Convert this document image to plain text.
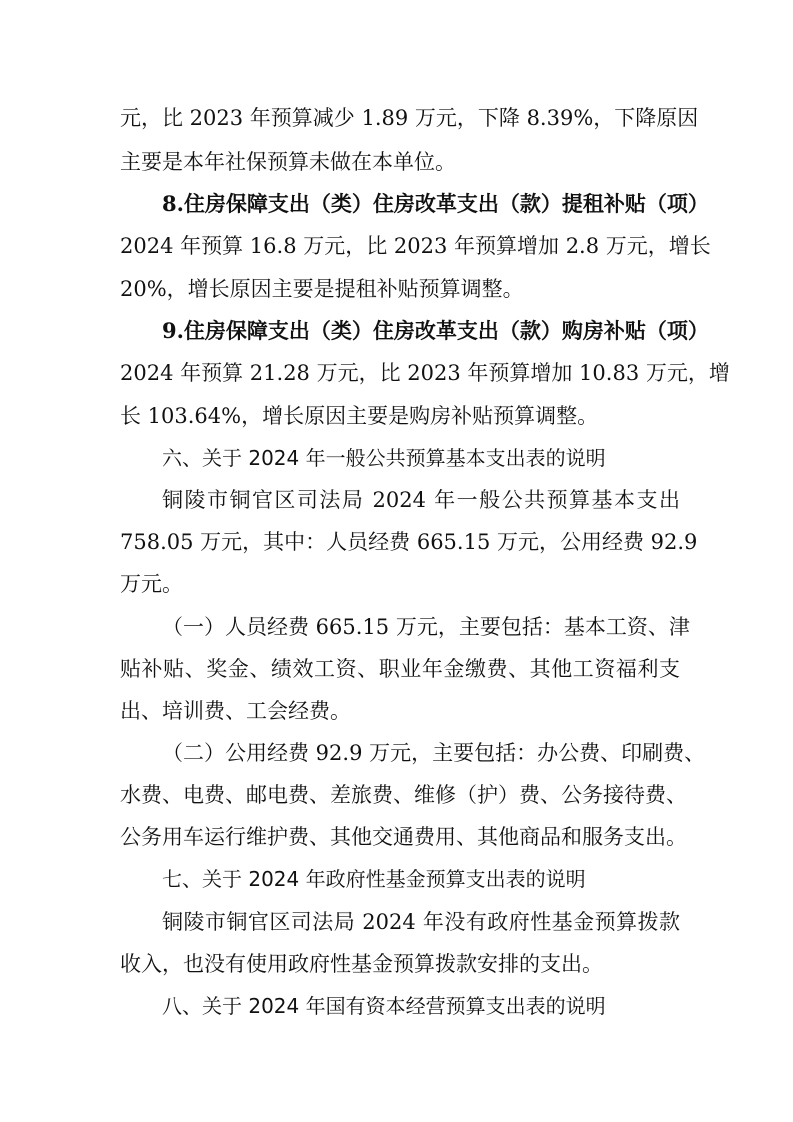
元，比 2023 年预算减少 1.89 万元，下降 8.39%，下降原因
主要是本年社保预算未做在本单位。
8.住房保障支出（类）住房改革支出（款）提租补贴（项）
2024 年预算 16.8 万元，比 2023 年预算增加 2.8 万元，增长
20%，增长原因主要是提租补贴预算调整。
9.住房保障支出（类）住房改革支出（款）购房补贴（项）
2024 年预算 21.28 万元，比 2023 年预算增加 10.83 万元，增
长 103.64%，增长原因主要是购房补贴预算调整。
六、关于 2024 年一般公共预算基本支出表的说明
铜陵市铜官区司法局 2024 年一般公共预算基本支出
758.05 万元，其中：人员经费 665.15 万元，公用经费 92.9
万元。
（一）人员经费 665.15 万元，主要包括：基本工资、津
贴补贴、奖金、绩效工资、职业年金缴费、其他工资福利支
出、培训费、工会经费。
（二）公用经费 92.9 万元，主要包括：办公费、印刷费、
水费、电费、邮电费、差旅费、维修（护）费、公务接待费、
公务用车运行维护费、其他交通费用、其他商品和服务支出。
七、关于 2024 年政府性基金预算支出表的说明
铜陵市铜官区司法局 2024 年没有政府性基金预算拨款
收入，也没有使用政府性基金预算拨款安排的支出。
八、关于 2024 年国有资本经营预算支出表的说明
